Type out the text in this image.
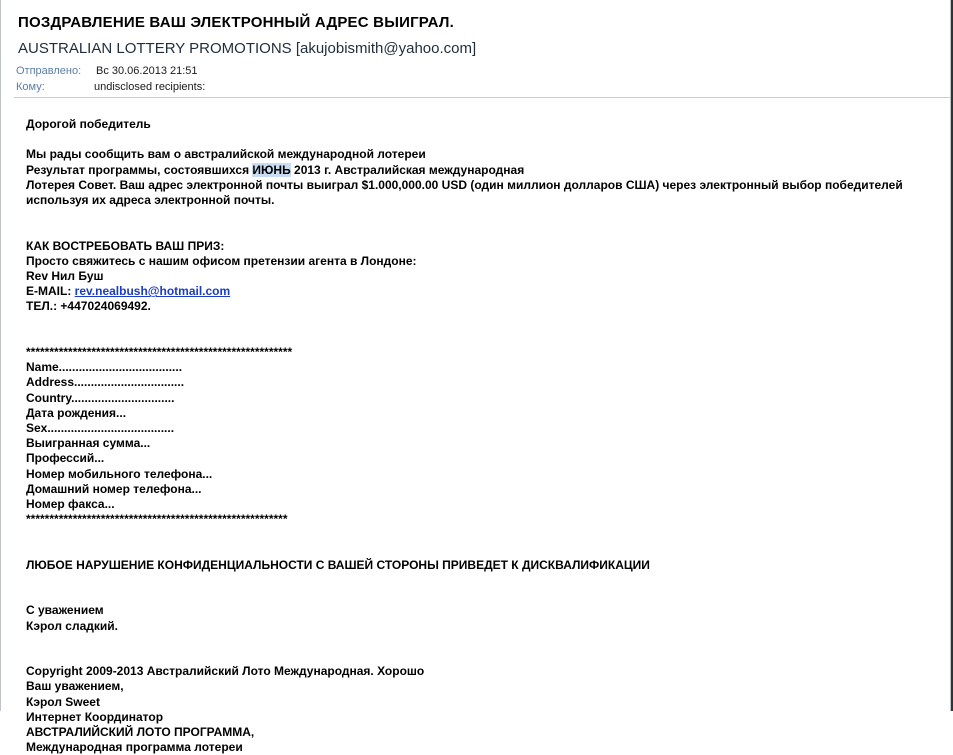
ПОЗДРАВЛЕНИЕ ВАШ ЭЛЕКТРОННЫЙ АДРЕС ВЫИГРАЛ.
AUSTRALIAN LOTTERY PROMOTIONS [akujobismith@yahoo.com]
Отправлено: Вс 30.06.2013 21:51
Кому:	undisclosed recipients:

Дорогой победитель

Мы рады сообщить вам о австралийской международной лотереи

Результат программы, состоявшихся ИЮНЬ 2013 г. Австралийская международная

Лотерея Совет. Ваш адрес электронной почты выиграл $1.000,000.00 USD (один миллион долларов США) через электронный выбор победителей

используя их адреса электронной почты.

КАК ВОСТРЕБОВАТЬ ВАШ ПРИЗ:

Просто свяжитесь с нашим офисом претензии агента в Лондоне:

Rev Нил Буш

E-MAIL: rev.nealbush@hotmail.com

ТЕЛ.: +447024069492.

*********************************************************

Name.....................................

Address.................................

Country...............................

Дата рождения...

Sex......................................

Выигранная сумма...

Профессий...

Номер мобильного телефона...

Домашний номер телефона...

Номер факса...

********************************************************

ЛЮБОЕ НАРУШЕНИЕ КОНФИДЕНЦИАЛЬНОСТИ С ВАШЕЙ СТОРОНЫ ПРИВЕДЕТ К ДИСКВАЛИФИКАЦИИ

С уважением

Кэрол сладкий.

Copyright 2009-2013 Австралийский Лото Международная. Хорошо

Ваш уважением,

Кэрол Sweet

Интернет Координатор

АВСТРАЛИЙСКИЙ ЛОТО ПРОГРАММА,

Международная программа лотереи
